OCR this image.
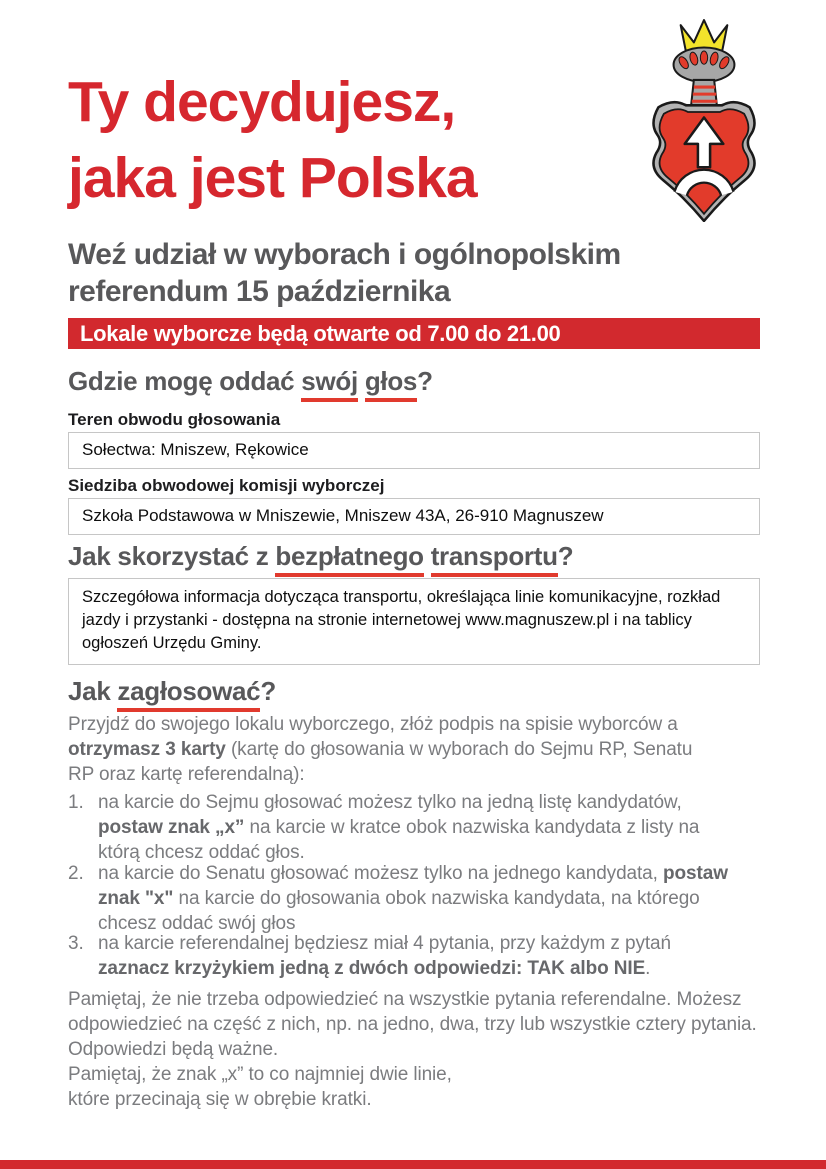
Ty decydujesz,
jaka jest Polska
Weź udział w wyborach i ogólnopolskim
referendum 15 października
Lokale wyborcze będą otwarte od 7.00 do 21.00
Gdzie mogę oddać swój głos?
Teren obwodu głosowania
Sołectwa: Mniszew, Rękowice
Siedziba obwodowej komisji wyborczej
Szkoła Podstawowa w Mniszewie, Mniszew 43A, 26-910 Magnuszew
Jak skorzystać z bezpłatnego transportu?
Szczegółowa informacja dotycząca transportu, określająca linie komunikacyjne, rozkład jazdy i przystanki - dostępna na stronie internetowej www.magnuszew.pl i na tablicy ogłoszeń Urzędu Gminy.
Jak zagłosować?

Przyjdź do swojego lokalu wyborczego, złóż podpis na spisie wyborców a otrzymasz 3 karty (kartę do głosowania w wyborach do Sejmu RP, Senatu RP oraz kartę referendalną):

1. na karcie do Sejmu głosować możesz tylko na jedną listę kandydatów, postaw znak „x” na karcie w kratce obok nazwiska kandydata z listy na którą chcesz oddać głos.
2. na karcie do Senatu głosować możesz tylko na jednego kandydata, postaw znak "x" na karcie do głosowania obok nazwiska kandydata, na którego chcesz oddać swój głos
3. na karcie referendalnej będziesz miał 4 pytania, przy każdym z pytań zaznacz krzyżykiem jedną z dwóch odpowiedzi: TAK albo NIE.

Pamiętaj, że nie trzeba odpowiedzieć na wszystkie pytania referendalne. Możesz odpowiedzieć na część z nich, np. na jedno, dwa, trzy lub wszystkie cztery pytania. Odpowiedzi będą ważne.

Pamiętaj, że znak „x” to co najmniej dwie linie,
które przecinają się w obrębie kratki.
